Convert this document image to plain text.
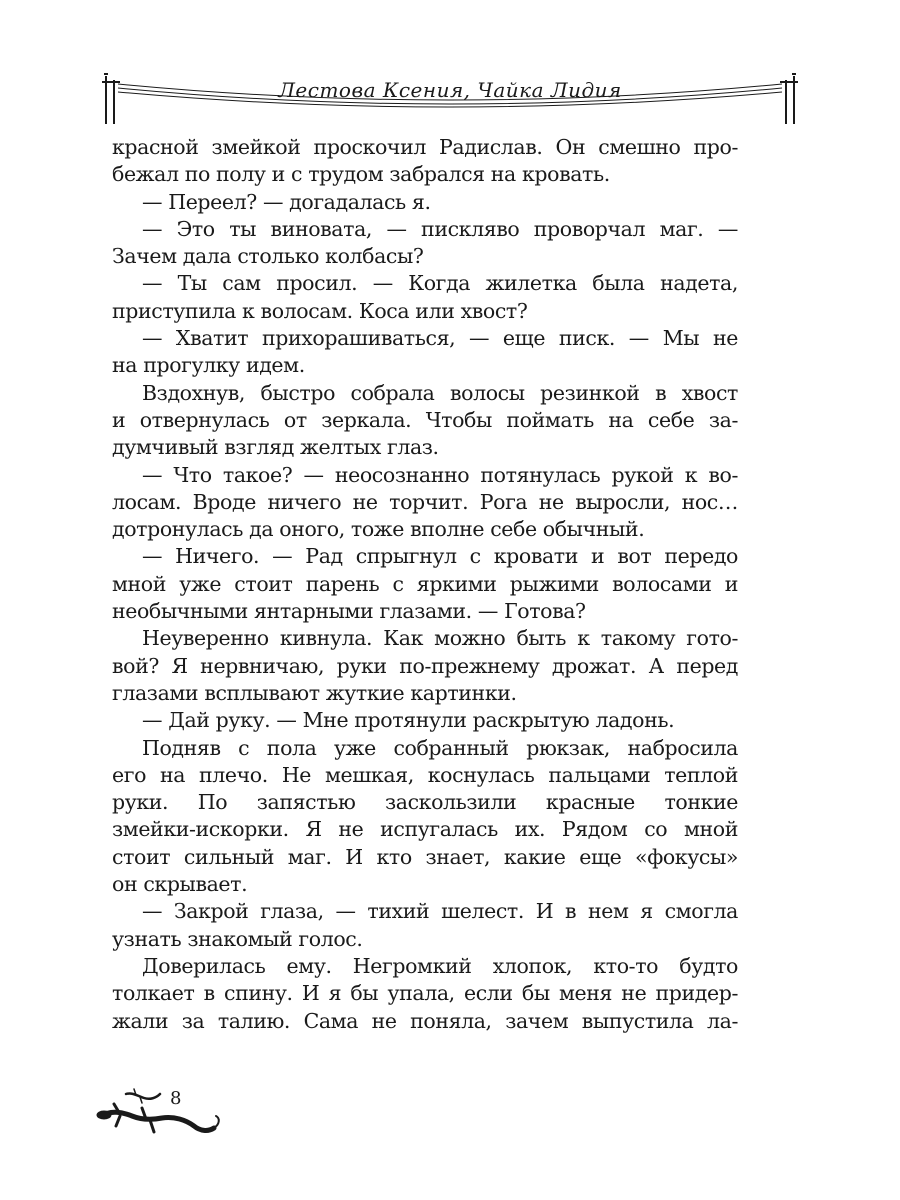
Лестова Ксения, Чайка Лидия
красной змейкой проскочил Радислав. Он смешно про-
бежал по полу и с трудом забрался на кровать.
— Переел? — догадалась я.
— Это ты виновата, — пискляво проворчал маг. —
Зачем дала столько колбасы?
— Ты сам просил. — Когда жилетка была надета,
приступила к волосам. Коса или хвост?
— Хватит прихорашиваться, — еще писк. — Мы не
на прогулку идем.
Вздохнув, быстро собрала волосы резинкой в хвост
и отвернулась от зеркала. Чтобы поймать на себе за-
думчивый взгляд желтых глаз.
— Что такое? — неосознанно потянулась рукой к во-
лосам. Вроде ничего не торчит. Рога не выросли, нос…
дотронулась да оного, тоже вполне себе обычный.
— Ничего. — Рад спрыгнул с кровати и вот передо
мной уже стоит парень с яркими рыжими волосами и
необычными янтарными глазами. — Готова?
Неуверенно кивнула. Как можно быть к такому гото-
вой? Я нервничаю, руки по-прежнему дрожат. А перед
глазами всплывают жуткие картинки.
— Дай руку. — Мне протянули раскрытую ладонь.
Подняв с пола уже собранный рюкзак, набросила
его на плечо. Не мешкая, коснулась пальцами теплой
руки. По запястью заскользили красные тонкие
змейки-искорки. Я не испугалась их. Рядом со мной
стоит сильный маг. И кто знает, какие еще «фокусы»
он скрывает.
— Закрой глаза, — тихий шелест. И в нем я смогла
узнать знакомый голос.
Доверилась ему. Негромкий хлопок, кто-то будто
толкает в спину. И я бы упала, если бы меня не придер-
жали за талию. Сама не поняла, зачем выпустила ла-
8
